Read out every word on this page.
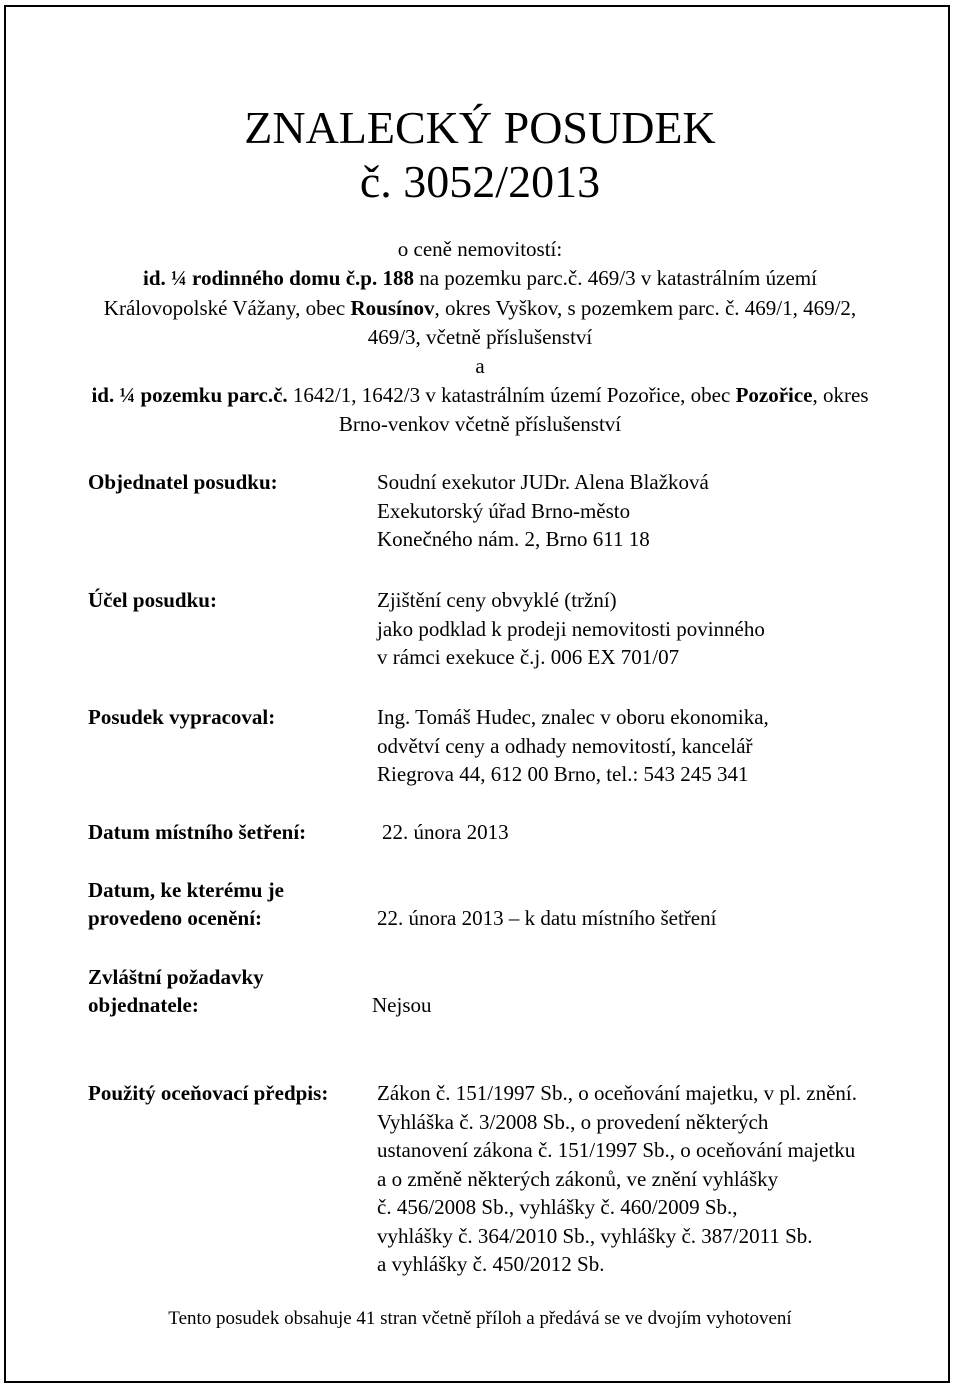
ZNALECKÝ POSUDEK
č. 3052/2013
o ceně nemovitostí:
id. ¼ rodinného domu č.p. 188 na pozemku parc.č. 469/3 v katastrálním území
Královopolské Vážany, obec Rousínov, okres Vyškov, s pozemkem parc. č. 469/1, 469/2,
469/3, včetně příslušenství
a
id. ¼ pozemku parc.č. 1642/1, 1642/3 v katastrálním území Pozořice, obec Pozořice, okres
Brno-venkov včetně příslušenství
Objednatel posudku:	Soudní exekutor JUDr. Alena Blažková
Exekutorský úřad Brno-město
Konečného nám. 2, Brno 611 18
Účel posudku:	Zjištění ceny obvyklé (tržní)
jako podklad k prodeji nemovitosti povinného
v rámci exekuce č.j. 006 EX 701/07
Posudek vypracoval:	Ing. Tomáš Hudec, znalec v oboru ekonomika,
odvětví ceny a odhady nemovitostí, kancelář
Riegrova 44, 612 00 Brno, tel.: 543 245 341
Datum místního šetření:	22. února 2013
Datum, ke kterému je
provedeno ocenění:	22. února 2013 – k datu místního šetření
Zvláštní požadavky
objednatele:	Nejsou
Použitý oceňovací předpis: Zákon č. 151/1997 Sb., o oceňování majetku, v pl. znění.
Vyhláška č. 3/2008 Sb., o provedení některých
ustanovení zákona č. 151/1997 Sb., o oceňování majetku
a o změně některých zákonů, ve znění vyhlášky
č. 456/2008 Sb., vyhlášky č. 460/2009 Sb.,
vyhlášky č. 364/2010 Sb., vyhlášky č. 387/2011 Sb.
a vyhlášky č. 450/2012 Sb.
Tento posudek obsahuje 41 stran včetně příloh a předává se ve dvojím vyhotovení
